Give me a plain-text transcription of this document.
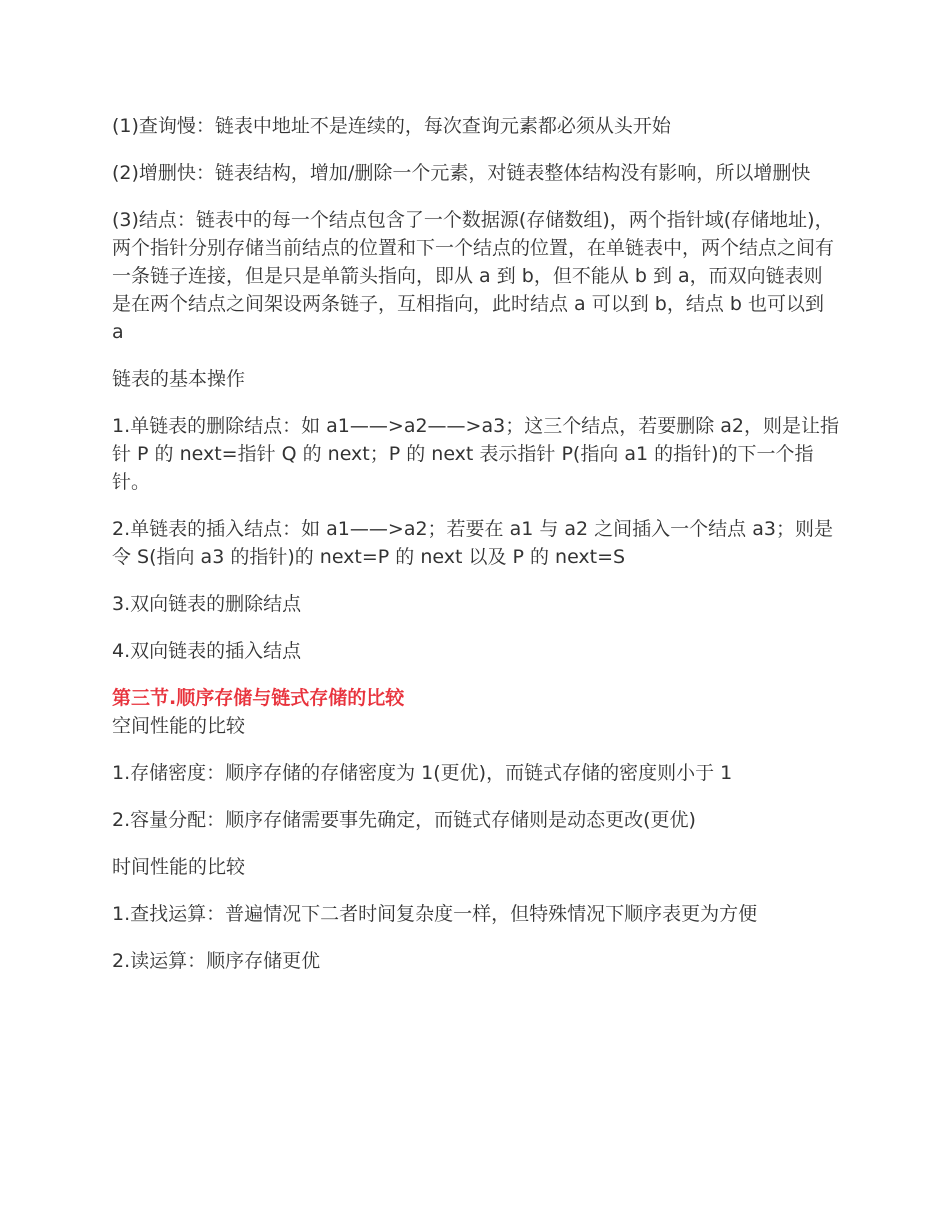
(1)查询慢：链表中地址不是连续的，每次查询元素都必须从头开始

(2)增删快：链表结构，增加/删除一个元素，对链表整体结构没有影响，所以增删快

(3)结点：链表中的每一个结点包含了一个数据源(存储数组)，两个指针域(存储地址)，两个指针分别存储当前结点的位置和下一个结点的位置，在单链表中，两个结点之间有一条链子连接，但是只是单箭头指向，即从 a 到 b，但不能从 b 到 a，而双向链表则是在两个结点之间架设两条链子，互相指向，此时结点 a 可以到 b，结点 b 也可以到 a

链表的基本操作

1.单链表的删除结点：如 a1——>a2——>a3；这三个结点，若要删除 a2，则是让指针 P 的 next=指针 Q 的 next；P 的 next 表示指针 P(指向 a1 的指针)的下一个指针。

2.单链表的插入结点：如 a1——>a2；若要在 a1 与 a2 之间插入一个结点 a3；则是令 S(指向 a3 的指针)的 next=P 的 next 以及 P 的 next=S

3.双向链表的删除结点

4.双向链表的插入结点

第三节.顺序存储与链式存储的比较

空间性能的比较

1.存储密度：顺序存储的存储密度为 1(更优)，而链式存储的密度则小于 1

2.容量分配：顺序存储需要事先确定，而链式存储则是动态更改(更优)

时间性能的比较

1.查找运算：普遍情况下二者时间复杂度一样，但特殊情况下顺序表更为方便

2.读运算：顺序存储更优
